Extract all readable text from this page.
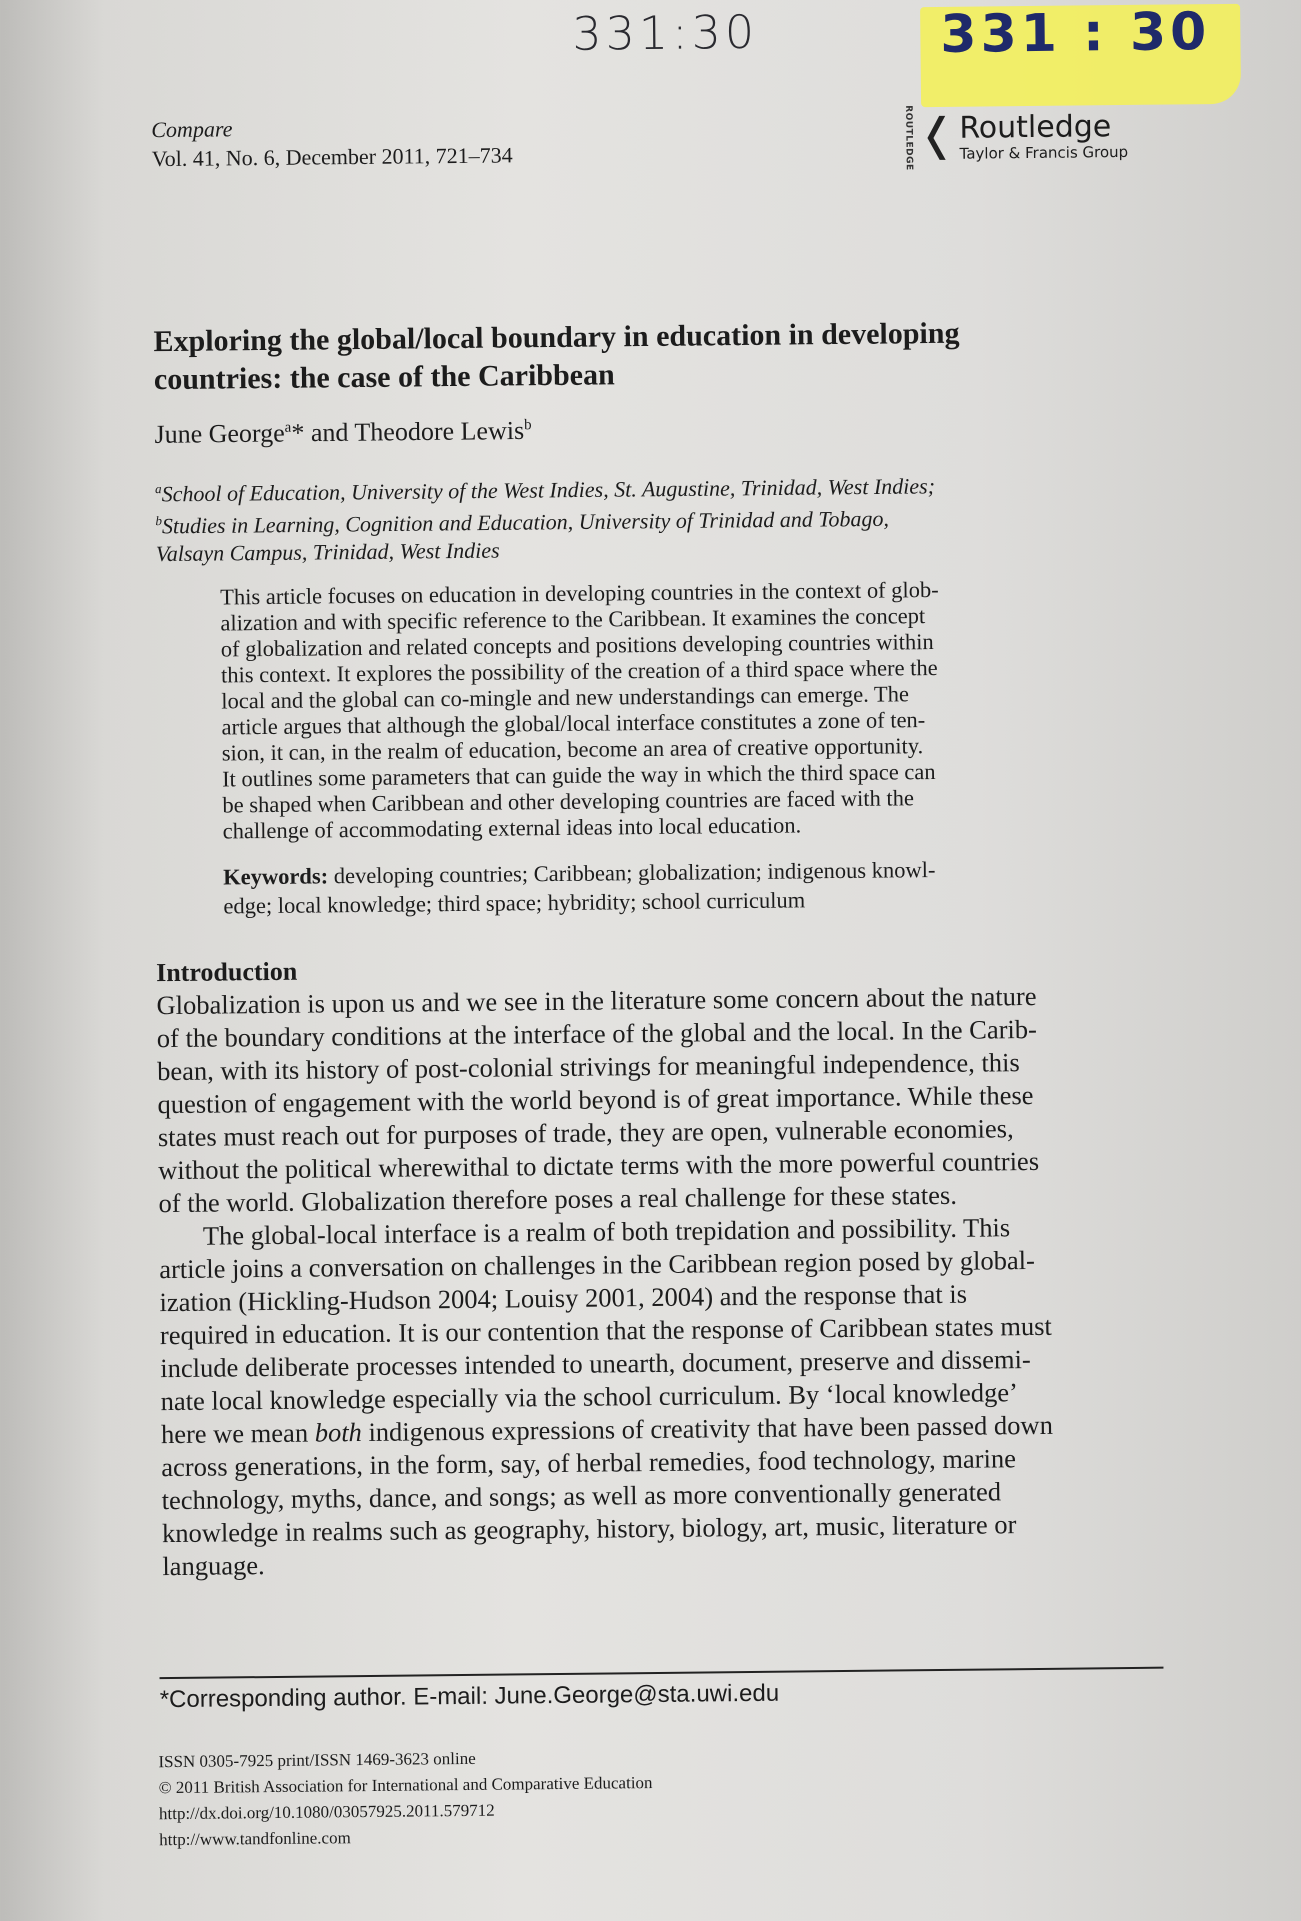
331:30	331 : 30
Compare
Vol. 41, No. 6, December 2011, 721–734	ROUTLEDGE Routledge
Taylor & Francis Group
Exploring the global/local boundary in education in developing
countries: the case of the Caribbean
June George$^a$* and Theodore Lewis$^b$
$^a$School of Education, University of the West Indies, St. Augustine, Trinidad, West Indies;
$^b$Studies in Learning, Cognition and Education, University of Trinidad and Tobago,
Valsayn Campus, Trinidad, West Indies
This article focuses on education in developing countries in the context of glob-
alization and with specific reference to the Caribbean. It examines the concept
of globalization and related concepts and positions developing countries within
this context. It explores the possibility of the creation of a third space where the
local and the global can co-mingle and new understandings can emerge. The
article argues that although the global/local interface constitutes a zone of ten-
sion, it can, in the realm of education, become an area of creative opportunity.
It outlines some parameters that can guide the way in which the third space can
be shaped when Caribbean and other developing countries are faced with the
challenge of accommodating external ideas into local education.
Keywords: developing countries; Caribbean; globalization; indigenous knowl-
edge; local knowledge; third space; hybridity; school curriculum
Introduction

Globalization is upon us and we see in the literature some concern about the nature
of the boundary conditions at the interface of the global and the local. In the Carib-
bean, with its history of post-colonial strivings for meaningful independence, this
question of engagement with the world beyond is of great importance. While these
states must reach out for purposes of trade, they are open, vulnerable economies,
without the political wherewithal to dictate terms with the more powerful countries
of the world. Globalization therefore poses a real challenge for these states.

The global-local interface is a realm of both trepidation and possibility. This
article joins a conversation on challenges in the Caribbean region posed by global-
ization (Hickling-Hudson 2004; Louisy 2001, 2004) and the response that is
required in education. It is our contention that the response of Caribbean states must
include deliberate processes intended to unearth, document, preserve and dissemi-
nate local knowledge especially via the school curriculum. By ‘local knowledge’
here we mean both indigenous expressions of creativity that have been passed down
across generations, in the form, say, of herbal remedies, food technology, marine
technology, myths, dance, and songs; as well as more conventionally generated
knowledge in realms such as geography, history, biology, art, music, literature or
language.

*Corresponding author. E-mail: June.George@sta.uwi.edu
ISSN 0305-7925 print/ISSN 1469-3623 online
© 2011 British Association for International and Comparative Education
http://dx.doi.org/10.1080/03057925.2011.579712
http://www.tandfonline.com
